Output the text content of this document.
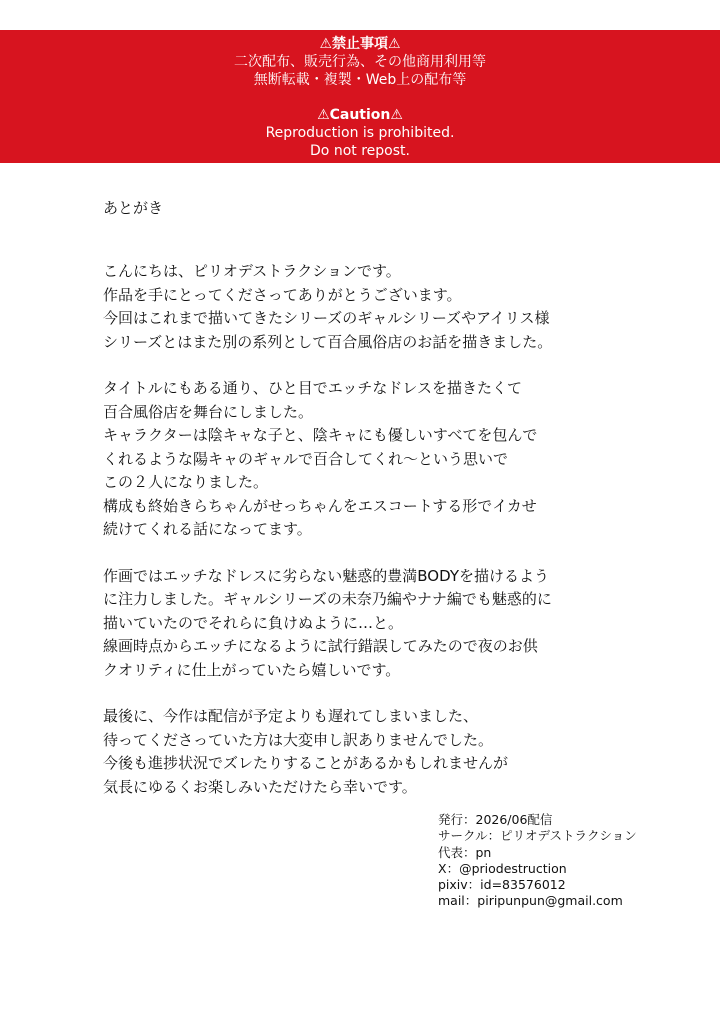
⚠禁止事項⚠
二次配布、販売行為、その他商用利用等
無断転載・複製・Web上の配布等
⚠Caution⚠
Reproduction is prohibited.
Do not repost.
あとがき
こんにちは、ピリオデストラクションです。
作品を手にとってくださってありがとうございます。
今回はこれまで描いてきたシリーズのギャルシリーズやアイリス様
シリーズとはまた別の系列として百合風俗店のお話を描きました。
タイトルにもある通り、ひと目でエッチなドレスを描きたくて
百合風俗店を舞台にしました。
キャラクターは陰キャな子と、陰キャにも優しいすべてを包んで
くれるような陽キャのギャルで百合してくれ〜という思いで
この２人になりました。
構成も終始きらちゃんがせっちゃんをエスコートする形でイカせ
続けてくれる話になってます。
作画ではエッチなドレスに劣らない魅惑的豊満BODYを描けるよう
に注力しました。ギャルシリーズの未奈乃編やナナ編でも魅惑的に
描いていたのでそれらに負けぬように…と。
線画時点からエッチになるように試行錯誤してみたので夜のお供
クオリティに仕上がっていたら嬉しいです。
最後に、今作は配信が予定よりも遅れてしまいました、
待ってくださっていた方は大変申し訳ありませんでした。
今後も進捗状況でズレたりすることがあるかもしれませんが
気長にゆるくお楽しみいただけたら幸いです。
発行：2026/06配信
サークル：ピリオデストラクション
代表：pn
X：@priodestruction
pixiv：id=83576012
mail：piripunpun@gmail.com
